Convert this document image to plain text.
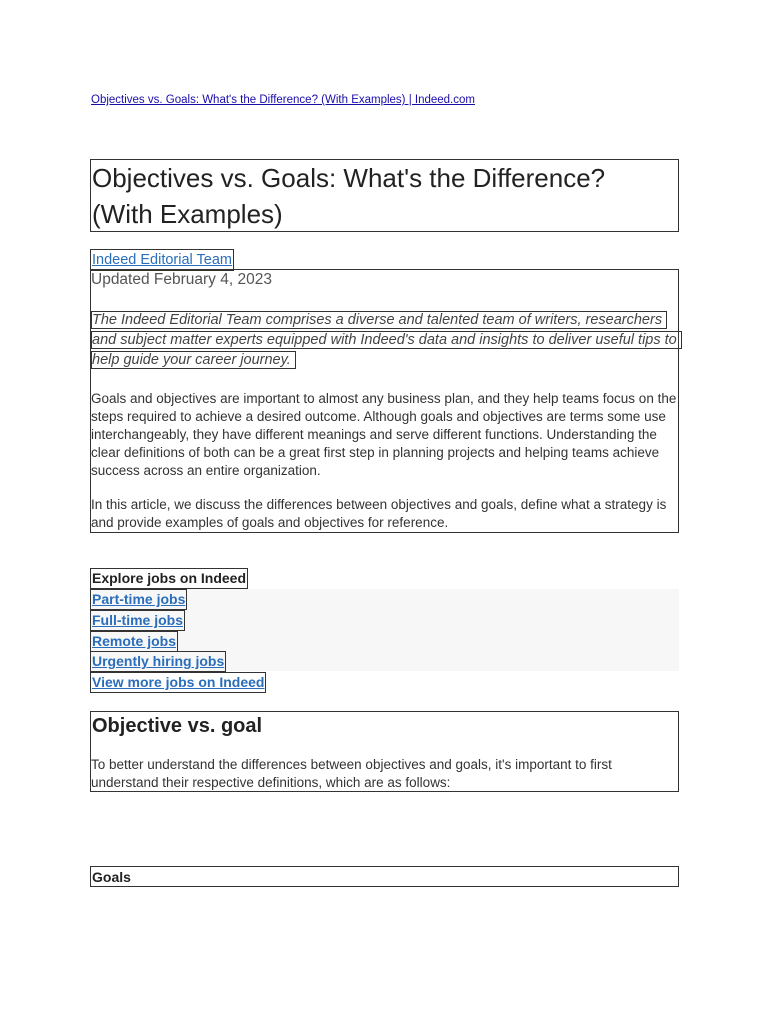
Objectives vs. Goals: What's the Difference? (With Examples) | Indeed.com
Objectives vs. Goals: What's the Difference? (With Examples)
Indeed Editorial Team
Updated February 4, 2023
The Indeed Editorial Team comprises a diverse and talented team of writers, researchers and subject matter experts equipped with Indeed's data and insights to deliver useful tips to help guide your career journey.

Goals and objectives are important to almost any business plan, and they help teams focus on the steps required to achieve a desired outcome. Although goals and objectives are terms some use interchangeably, they have different meanings and serve different functions. Understanding the clear definitions of both can be a great first step in planning projects and helping teams achieve success across an entire organization.

In this article, we discuss the differences between objectives and goals, define what a strategy is and provide examples of goals and objectives for reference.

Explore jobs on Indeed
Part-time jobs
Full-time jobs
Remote jobs
Urgently hiring jobs
View more jobs on Indeed
Objective vs. goal

To better understand the differences between objectives and goals, it's important to first understand their respective definitions, which are as follows:

Goals
